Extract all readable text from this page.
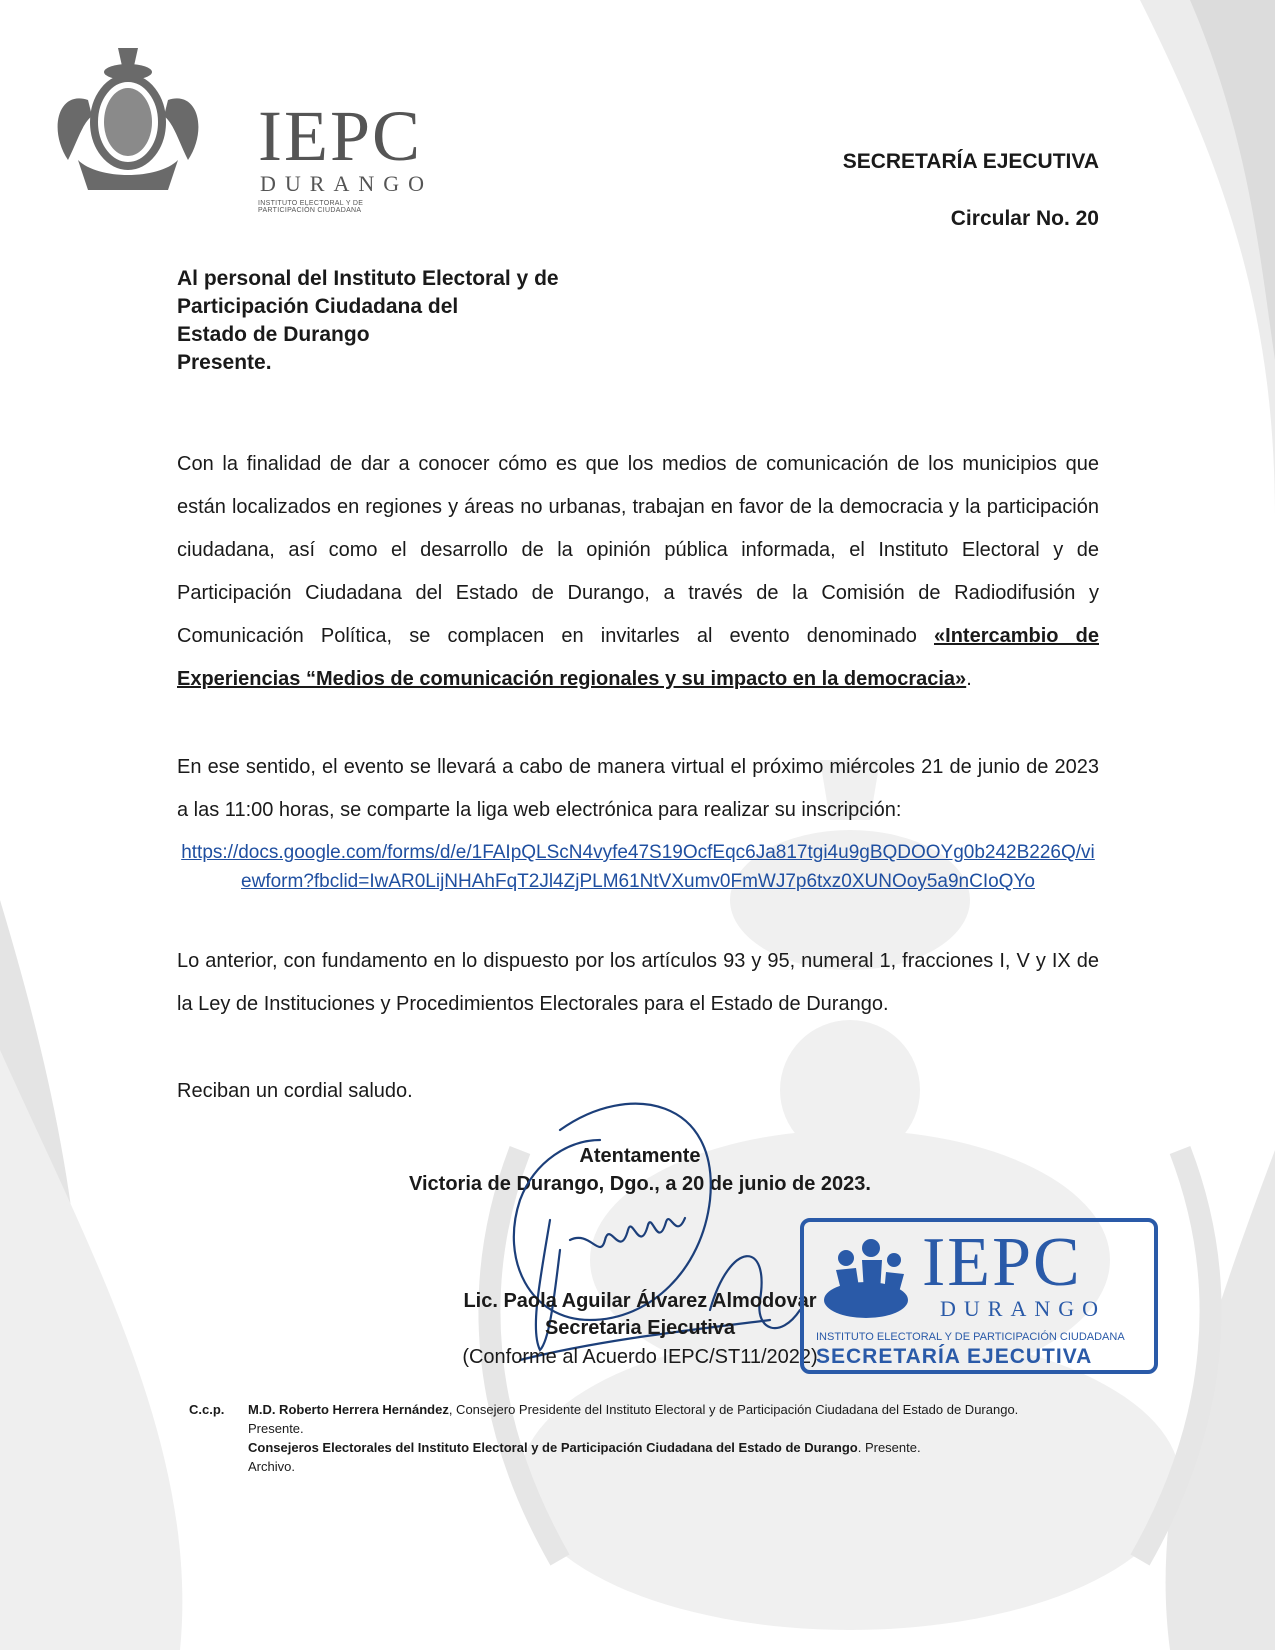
IEPC
DURANGO
INSTITUTO ELECTORAL Y DE PARTICIPACIÓN CIUDADANA
SECRETARÍA EJECUTIVA
Circular No. 20
Al personal del Instituto Electoral y de
Participación Ciudadana del
Estado de Durango
Presente.
Con la finalidad de dar a conocer cómo es que los medios de comunicación de los municipios que están localizados en regiones y áreas no urbanas, trabajan en favor de la democracia y la participación ciudadana, así como el desarrollo de la opinión pública informada, el Instituto Electoral y de Participación Ciudadana del Estado de Durango, a través de la Comisión de Radiodifusión y Comunicación Política, se complacen en invitarles al evento denominado «Intercambio de Experiencias “Medios de comunicación regionales y su impacto en la democracia».
En ese sentido, el evento se llevará a cabo de manera virtual el próximo miércoles 21 de junio de 2023 a las 11:00 horas, se comparte la liga web electrónica para realizar su inscripción:
https://docs.google.com/forms/d/e/1FAIpQLScN4vyfe47S19OcfEqc6Ja817tgi4u9gBQDOOYg0b242B226Q/viewform?fbclid=IwAR0LijNHAhFqT2Jl4ZjPLM61NtVXumv0FmWJ7p6txz0XUNOoy5a9nCIoQYo
Lo anterior, con fundamento en lo dispuesto por los artículos 93 y 95, numeral 1, fracciones I, V y IX de la Ley de Instituciones y Procedimientos Electorales para el Estado de Durango.
Reciban un cordial saludo.
Atentamente
Victoria de Durango, Dgo., a 20 de junio de 2023.
Lic. Paola Aguilar Álvarez Almodovar
Secretaria Ejecutiva
(Conforme al Acuerdo IEPC/ST11/2022)
IEPC
DURANGO
INSTITUTO ELECTORAL Y DE PARTICIPACIÓN CIUDADANA
SECRETARÍA EJECUTIVA
C.c.p. M.D. Roberto Herrera Hernández, Consejero Presidente del Instituto Electoral y de Participación Ciudadana del Estado de Durango.
Presente.
Consejeros Electorales del Instituto Electoral y de Participación Ciudadana del Estado de Durango. Presente.
Archivo.
